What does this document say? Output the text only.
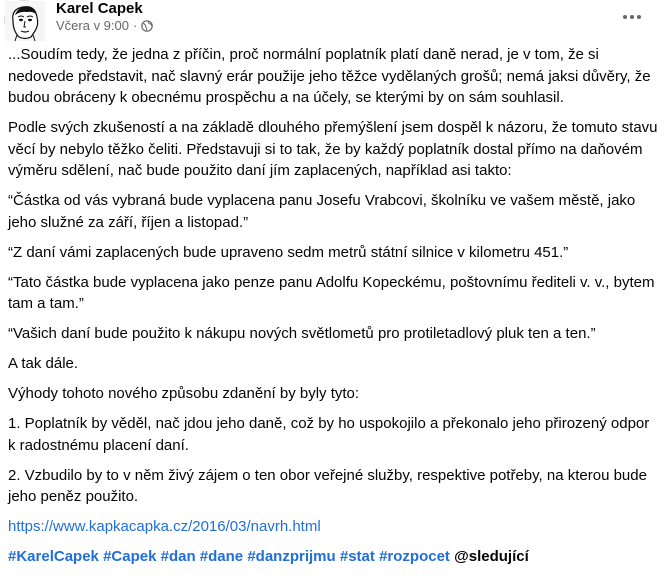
Karel Capek
Včera v 9:00 ·

...Soudím tedy, že jedna z příčin, proč normální poplatník platí daně nerad, je v tom, že si nedovede představit, nač slavný erár použije jeho těžce vydělaných grošů; nemá jaksi důvěry, že budou obráceny k obecnému prospěchu a na účely, se kterými by on sám souhlasil.

Podle svých zkušeností a na základě dlouhého přemýšlení jsem dospěl k názoru, že tomuto stavu věcí by nebylo těžko čeliti. Představuji si to tak, že by každý poplatník dostal přímo na daňovém výměru sdělení, nač bude použito daní jím zaplacených, například asi takto:

“Částka od vás vybraná bude vyplacena panu Josefu Vrabcovi, školníku ve vašem městě, jako jeho služné za září, říjen a listopad.”

“Z daní vámi zaplacených bude upraveno sedm metrů státní silnice v kilometru 451.”

“Tato částka bude vyplacena jako penze panu Adolfu Kopeckému, poštovnímu řediteli v. v., bytem tam a tam.”

“Vašich daní bude použito k nákupu nových světlometů pro protiletadlový pluk ten a ten.”

A tak dále.

Výhody tohoto nového způsobu zdanění by byly tyto:

1. Poplatník by věděl, nač jdou jeho daně, což by ho uspokojilo a překonalo jeho přirozený odpor k radostnému placení daní.

2. Vzbudilo by to v něm živý zájem o ten obor veřejné služby, respektive potřeby, na kterou bude jeho peněz použito.

https://www.kapkacapka.cz/2016/03/navrh.html

#KarelCapek #Capek #dan #dane #danzprijmu #stat #rozpocet @sledující
